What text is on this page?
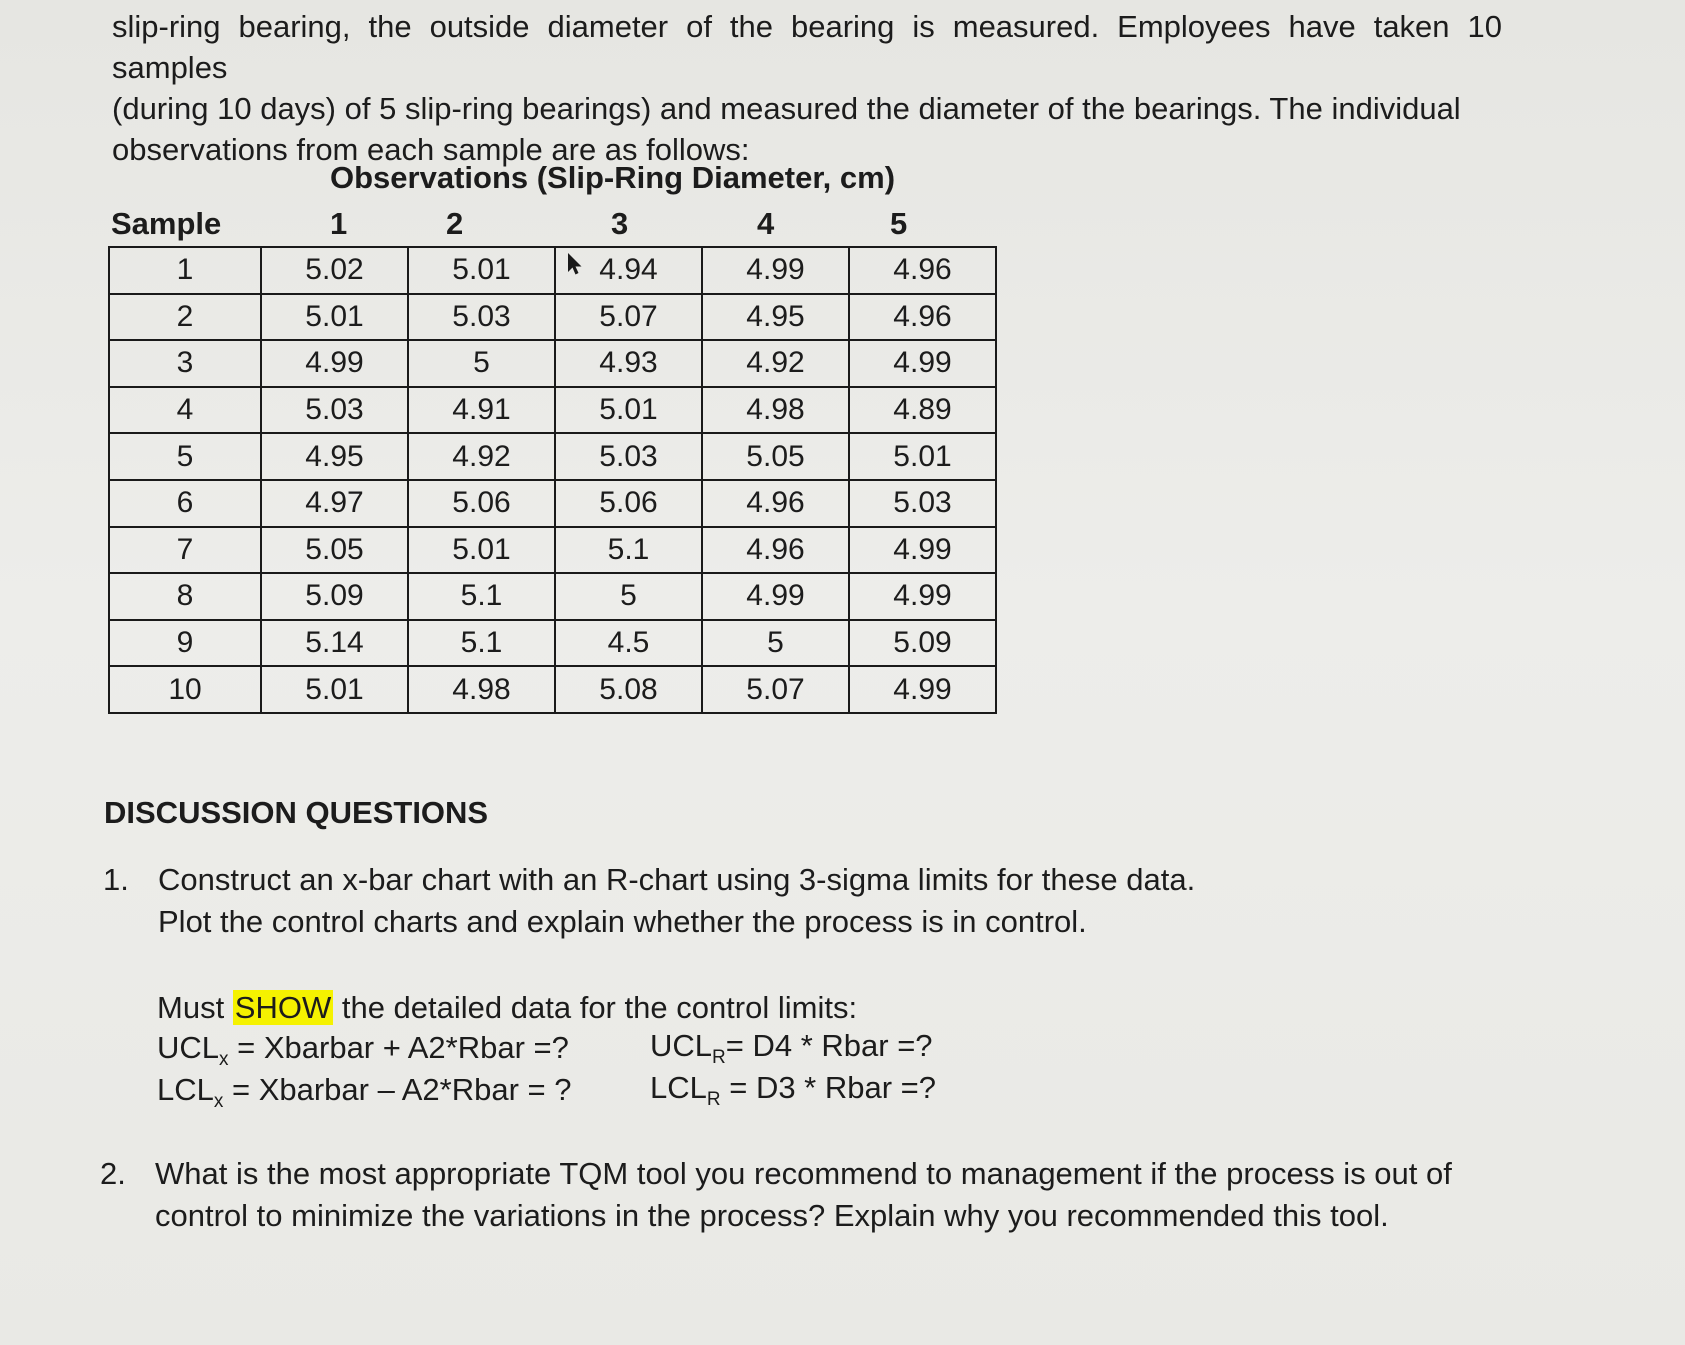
slip-ring bearing, the outside diameter of the bearing is measured. Employees have taken 10 samples

(during 10 days) of 5 slip-ring bearings) and measured the diameter of the bearings. The individual

observations from each sample are as follows:

Observations (Slip-Ring Diameter, cm)
Sample	1	2	3	4	5
1	5.02	5.01	4.94	4.99	4.96
2	5.01	5.03	5.07	4.95	4.96
3	4.99	5	4.93	4.92	4.99
4	5.03	4.91	5.01	4.98	4.89
5	4.95	4.92	5.03	5.05	5.01
6	4.97	5.06	5.06	4.96	5.03
7	5.05	5.01	5.1	4.96	4.99
8	5.09	5.1	5	4.99	4.99
9	5.14	5.1	4.5	5	5.09
10	5.01	4.98	5.08	5.07	4.99
DISCUSSION QUESTIONS
1. Construct an x-bar chart with an R-chart using 3-sigma limits for these data.
Plot the control charts and explain whether the process is in control.
Must SHOW the detailed data for the control limits:
$UCL_x$ = Xbarbar + A2*Rbar =?	$UCL_R= D4$ * Rbar =?
$LCL_x$ = Xbarbar – A2*Rbar = ?	$LCL_R = D3$ * Rbar =?
2. What is the most appropriate TQM tool you recommend to management if the process is out of
control to minimize the variations in the process? Explain why you recommended this tool.
